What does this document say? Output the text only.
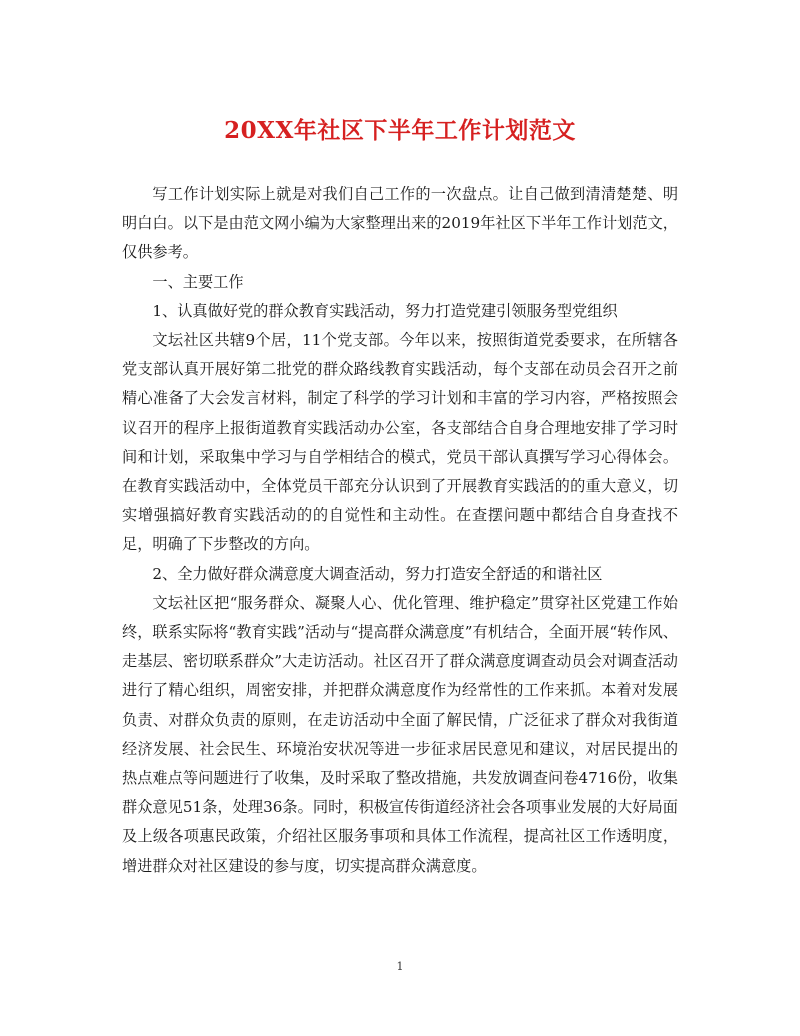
20XX年社区下半年工作计划范文

写工作计划实际上就是对我们自己工作的一次盘点。让自己做到清清楚楚、明明白白。以下是由范文网小编为大家整理出来的2019年社区下半年工作计划范文，仅供参考。

一、主要工作

1、认真做好党的群众教育实践活动，努力打造党建引领服务型党组织

文坛社区共辖9个居，11个党支部。今年以来，按照街道党委要求，在所辖各党支部认真开展好第二批党的群众路线教育实践活动，每个支部在动员会召开之前精心准备了大会发言材料，制定了科学的学习计划和丰富的学习内容，严格按照会议召开的程序上报街道教育实践活动办公室，各支部结合自身合理地安排了学习时间和计划，采取集中学习与自学相结合的模式，党员干部认真撰写学习心得体会。在教育实践活动中，全体党员干部充分认识到了开展教育实践活的的重大意义，切实增强搞好教育实践活动的的自觉性和主动性。在查摆问题中都结合自身查找不足，明确了下步整改的方向。

2、全力做好群众满意度大调查活动，努力打造安全舒适的和谐社区

文坛社区把“服务群众、凝聚人心、优化管理、维护稳定”贯穿社区党建工作始终，联系实际将“教育实践”活动与“提高群众满意度”有机结合，全面开展“转作风、走基层、密切联系群众”大走访活动。社区召开了群众满意度调查动员会对调查活动进行了精心组织，周密安排，并把群众满意度作为经常性的工作来抓。本着对发展负责、对群众负责的原则，在走访活动中全面了解民情，广泛征求了群众对我街道经济发展、社会民生、环境治安状况等进一步征求居民意见和建议，对居民提出的热点难点等问题进行了收集，及时采取了整改措施，共发放调查问卷4716份，收集群众意见51条，处理36条。同时，积极宣传街道经济社会各项事业发展的大好局面及上级各项惠民政策，介绍社区服务事项和具体工作流程，提高社区工作透明度，增进群众对社区建设的参与度，切实提高群众满意度。

1
